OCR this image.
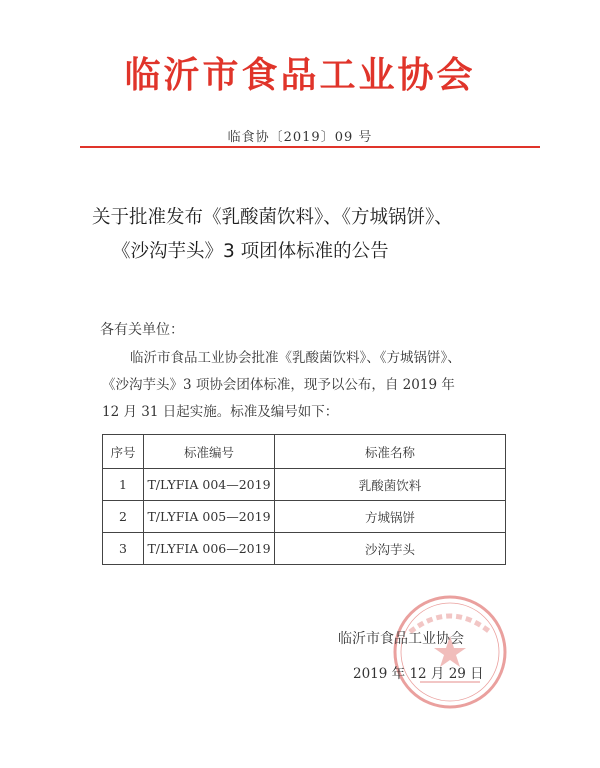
临沂市食品工业协会
临食协〔2019〕09 号
关于批准发布《乳酸菌饮料》、《方城锅饼》、
《沙沟芋头》3 项团体标准的公告
各有关单位：
临沂市食品工业协会批准《乳酸菌饮料》、《方城锅饼》、
《沙沟芋头》3 项协会团体标准，现予以公布，自 2019 年
12 月 31 日起实施。标准及编号如下：
序号	标准编号	标准名称
1	T/LYFIA 004—2019	乳酸菌饮料
2	T/LYFIA 005—2019	方城锅饼
3	T/LYFIA 006—2019	沙沟芋头
临沂市食品工业协会
2019 年 12 月 29 日
